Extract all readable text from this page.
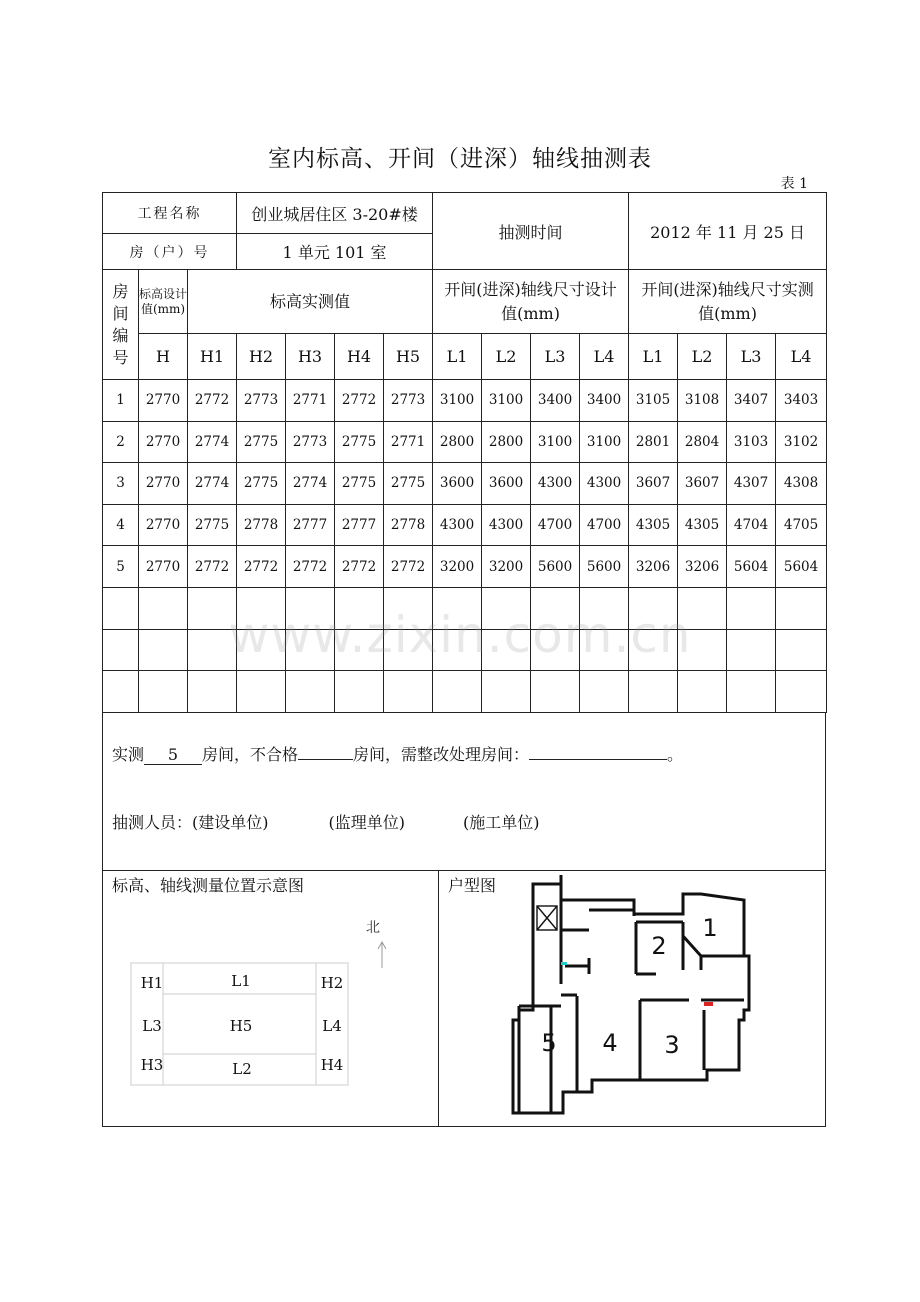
室内标高、开间（进深）轴线抽测表
表 1
工程名称			创业城居住区 3-20#楼				抽测时间				2012 年 11 月 25 日			
房（户）号			1 单元 101 室											
房间编号	标高设计值(mm)	标高实测值					开间(进深)轴线尺寸设计值(mm)				开间(进深)轴线尺寸实测值(mm)			
	H	H1	H2	H3	H4	H5	L1	L2	L3	L4	L1	L2	L3	L4
1	2770	2772	2773	2771	2772	2773	3100	3100	3400	3400	3105	3108	3407	3403
2	2770	2774	2775	2773	2775	2771	2800	2800	3100	3100	2801	2804	3103	3102
3	2770	2774	2775	2774	2775	2775	3600	3600	4300	4300	3607	3607	4307	4308
4	2770	2775	2778	2777	2777	2778	4300	4300	4700	4700	4305	4305	4704	4705
5	2770	2772	2772	2772	2772	2772	3200	3200	5600	5600	3206	3206	5604	5604

实测 5 房间，不合格	房间，需整改处理房间：	。
抽测人员：(建设单位)	(监理单位)	(施工单位)
标高、轴线测量位置示意图	户型图
北
H1	L1	H2
L3	H5	L4
H3	L2	H4
1
2
3
4
5
www.zixin.com.cn
